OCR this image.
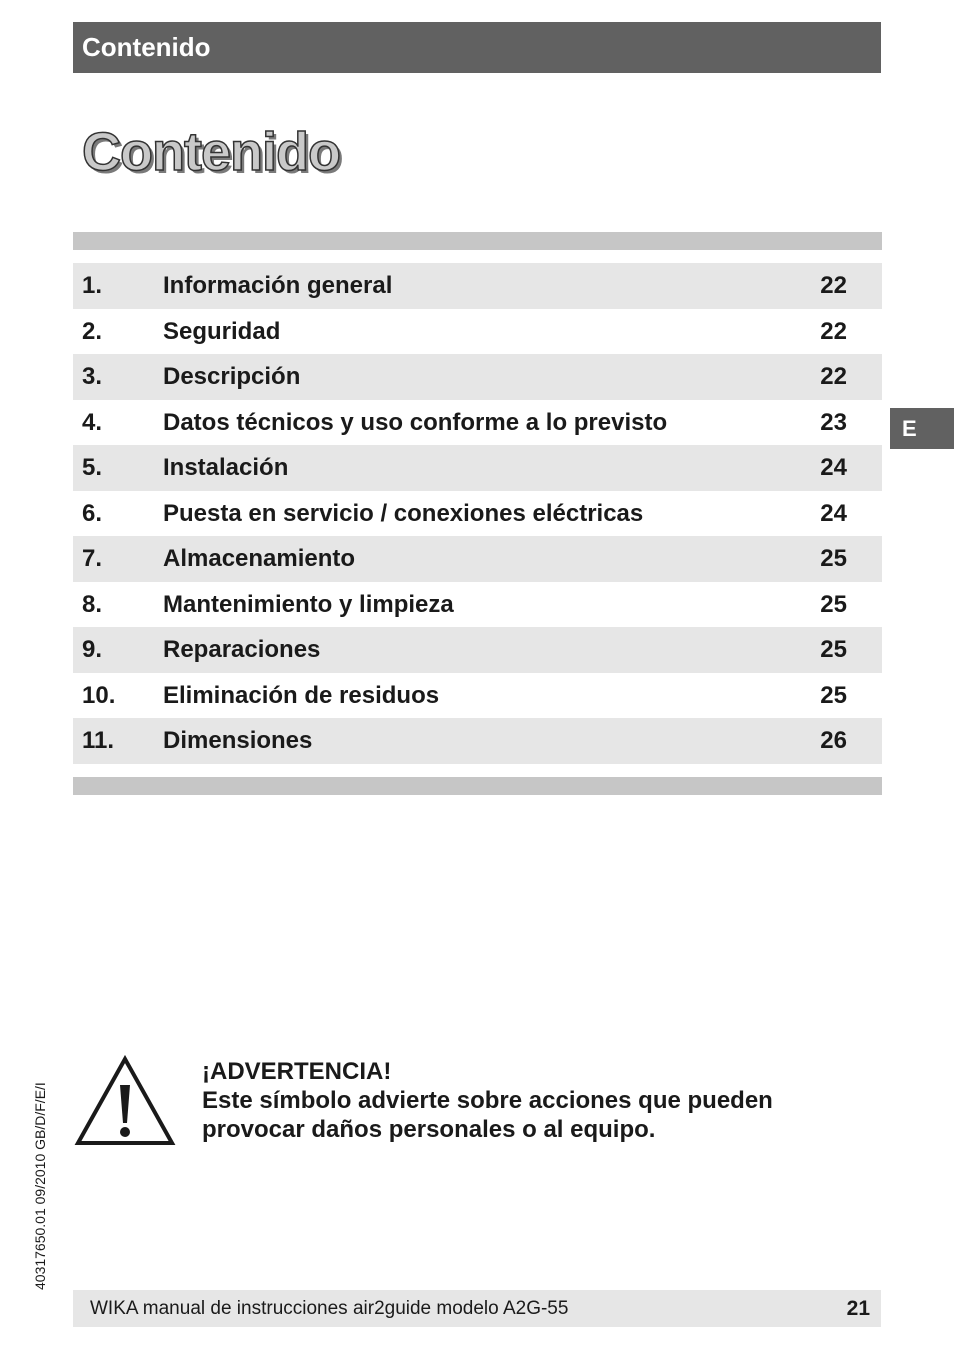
Contenido
Contenido
1.	Información general	22
2.	Seguridad	22
3.	Descripción	22
4.	Datos técnicos y uso conforme a lo previsto	23
5.	Instalación	24
6.	Puesta en servicio / conexiones eléctricas	24
7.	Almacenamiento	25
8.	Mantenimiento y limpieza	25
9.	Reparaciones	25
10. Eliminación de residuos	25
11. Dimensiones	26
E
¡ADVERTENCIA!
Este símbolo advierte sobre acciones que pueden
provocar daños personales o al equipo.
40317650.01 09/2010 GB/D/F/E/I
WIKA manual de instrucciones air2guide modelo A2G-55	21
